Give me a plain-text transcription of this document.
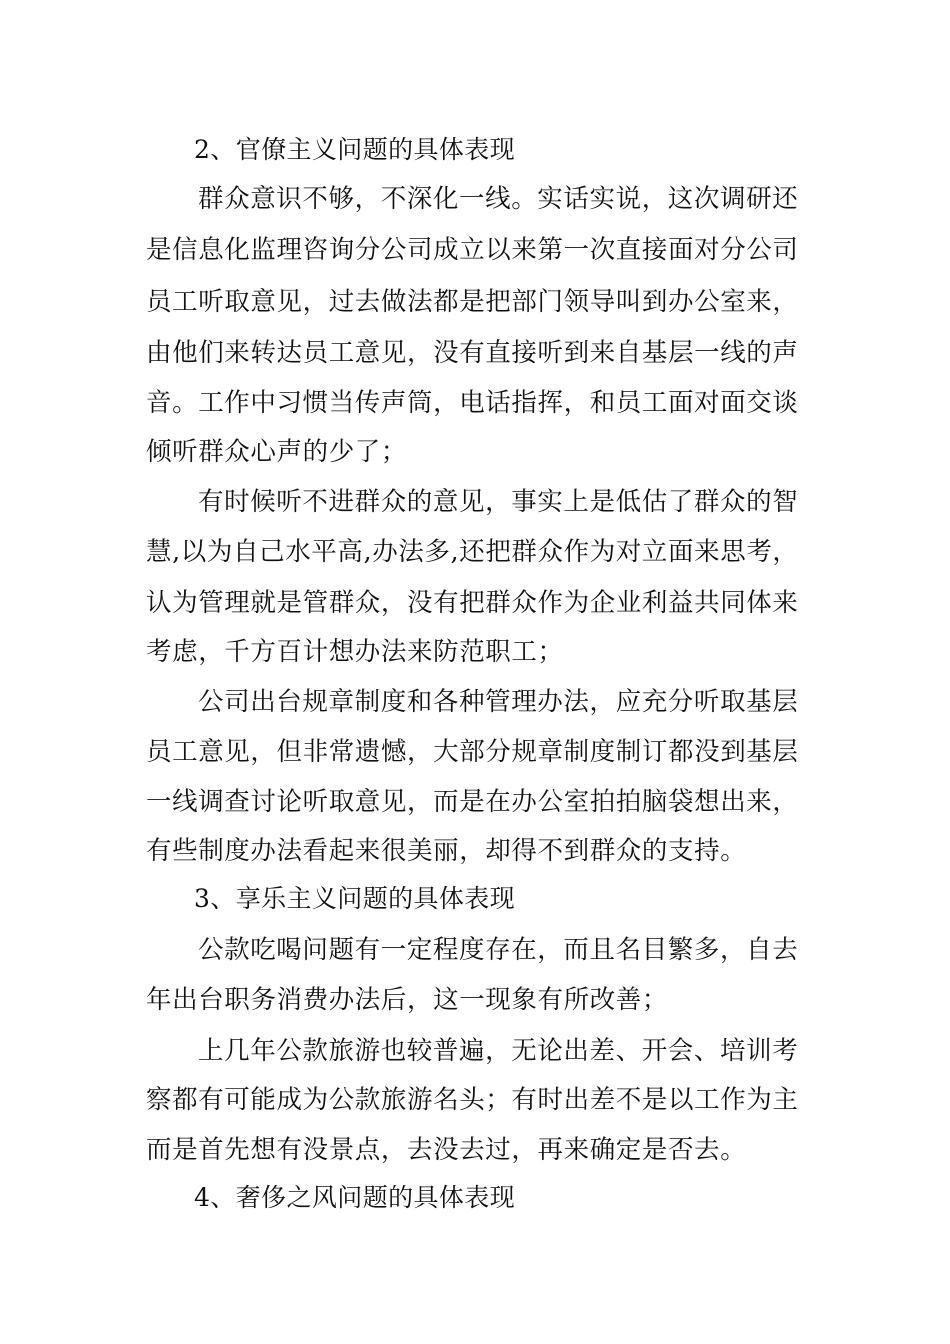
2、官僚主义问题的具体表现
群众意识不够，不深化一线。实话实说，这次调研还
是信息化监理咨询分公司成立以来第一次直接面对分公司
员工听取意见，过去做法都是把部门领导叫到办公室来，
由他们来转达员工意见，没有直接听到来自基层一线的声
音。工作中习惯当传声筒，电话指挥，和员工面对面交谈
倾听群众心声的少了；
有时候听不进群众的意见，事实上是低估了群众的智
慧,以为自己水平高,办法多,还把群众作为对立面来思考，
认为管理就是管群众，没有把群众作为企业利益共同体来
考虑，千方百计想办法来防范职工；
公司出台规章制度和各种管理办法，应充分听取基层
员工意见，但非常遗憾，大部分规章制度制订都没到基层
一线调查讨论听取意见，而是在办公室拍拍脑袋想出来，
有些制度办法看起来很美丽，却得不到群众的支持。
3、享乐主义问题的具体表现
公款吃喝问题有一定程度存在，而且名目繁多，自去
年出台职务消费办法后，这一现象有所改善；
上几年公款旅游也较普遍，无论出差、开会、培训考
察都有可能成为公款旅游名头；有时出差不是以工作为主
而是首先想有没景点，去没去过，再来确定是否去。
4、奢侈之风问题的具体表现
